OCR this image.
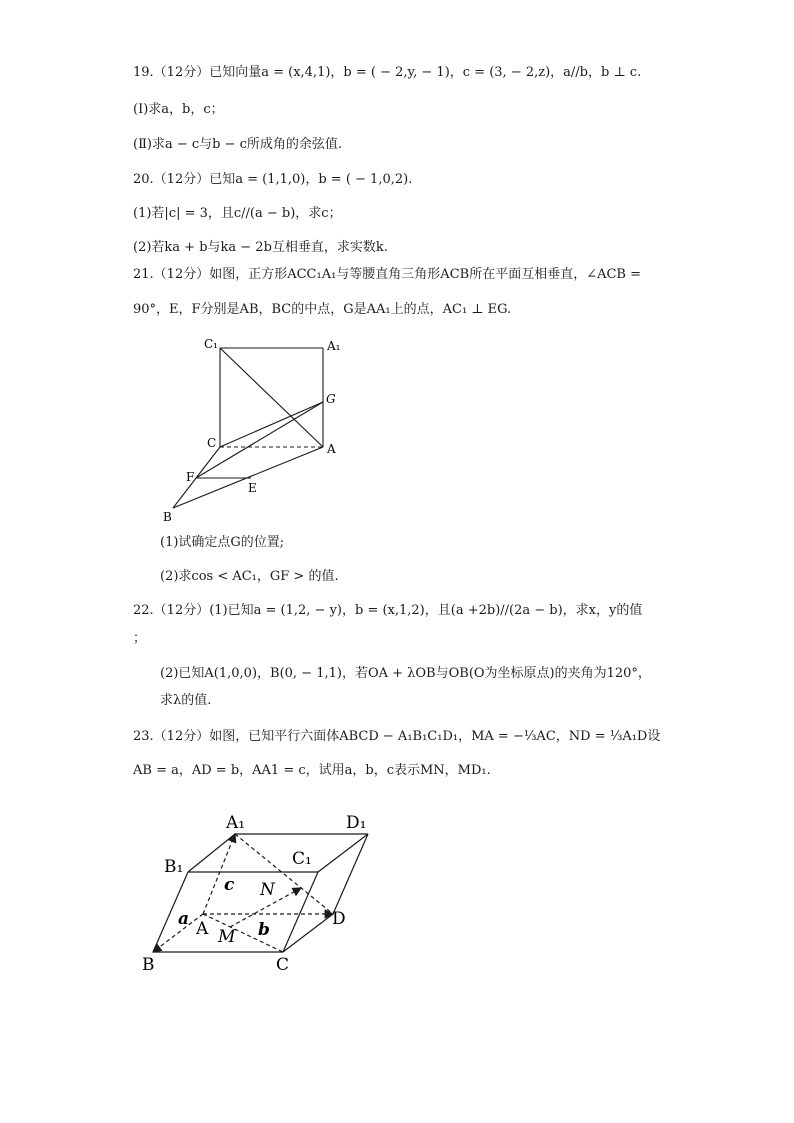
19.（12分）已知向量a = (x,4,1)，b = ( − 2,y, − 1)，c = (3, − 2,z)，a//b，b ⊥ c.
(Ⅰ)求a，b，c；
(Ⅱ)求a − c与b − c所成角的余弦值.
20.（12分）已知a = (1,1,0)，b = ( − 1,0,2).
(1)若|c| = 3，且c//(a − b)，求c；
(2)若ka + b与ka − 2b互相垂直，求实数k.
21.（12分）如图，正方形ACC₁A₁与等腰直角三角形ACB所在平面互相垂直，∠ACB =
90°，E，F分别是AB，BC的中点，G是AA₁上的点，AC₁ ⊥ EG.
C₁	A₁
G
C	A
F
E
B
(1)试确定点G的位置;
(2)求cos < AC₁，GF > 的值.
22.（12分）(1)已知a = (1,2, − y)，b = (x,1,2)，且(a +2b)//(2a − b)，求x，y的值
；
(2)已知A(1,0,0)，B(0, − 1,1)，若OA + λOB与OB(O为坐标原点)的夹角为120°，
求λ的值.
23.（12分）如图，已知平行六面体ABCD − A₁B₁C₁D₁，MA = −⅓AC，ND = ⅓A₁D设
AB = a，AD = b，AA1 = c，试用a，b，c表示MN，MD₁.
A₁	D₁
B₁	C₁
c N
a A M b
D
B	C
